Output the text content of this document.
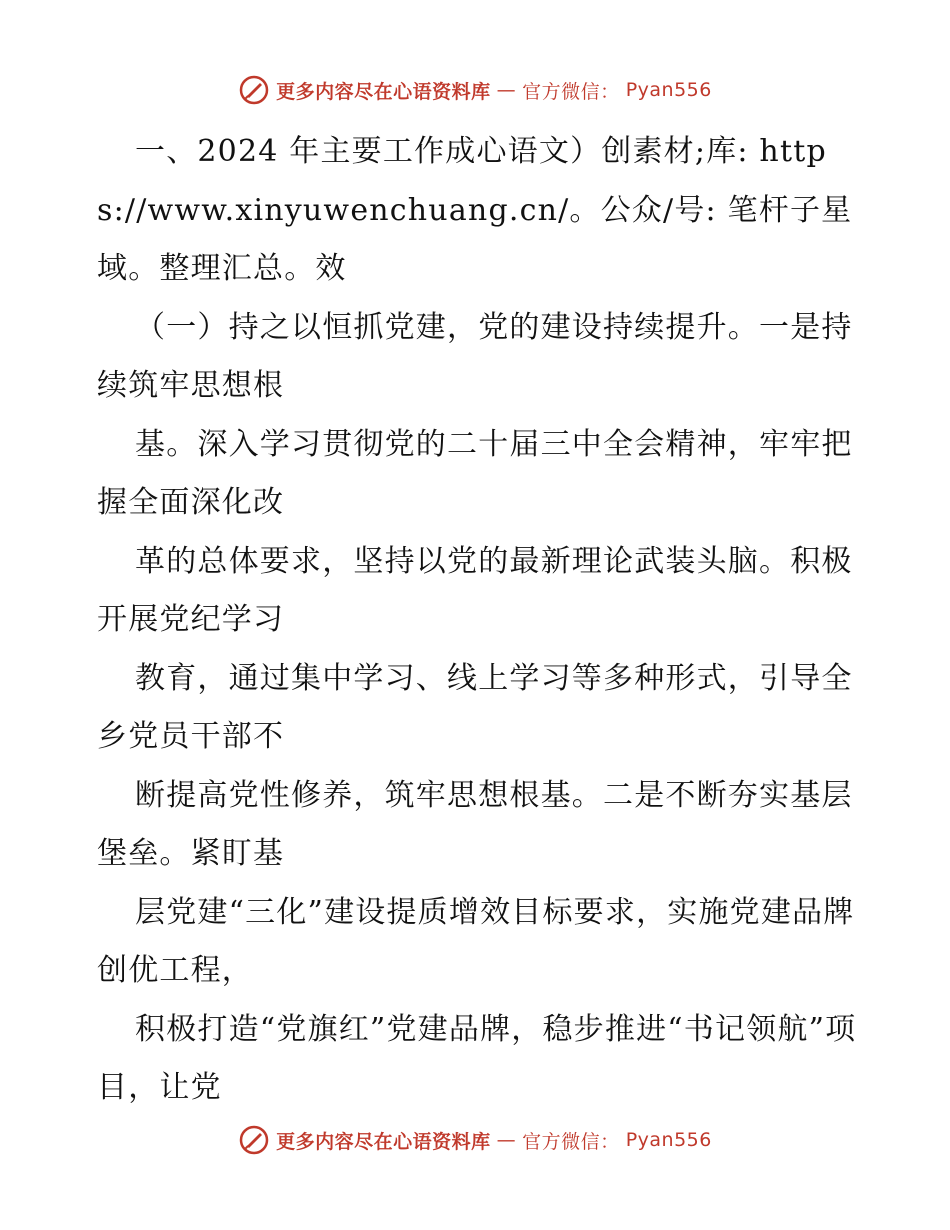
更多内容尽在心语资料库 — 官方微信： Pyan556

一、2024 年主要工作成心语文）创素材;库: https://www.xinyuwenchuang.cn/。公众/号: 笔杆子星域。整理汇总。效

（一）持之以恒抓党建，党的建设持续提升。一是持续筑牢思想根

基。深入学习贯彻党的二十届三中全会精神，牢牢把握全面深化改

革的总体要求，坚持以党的最新理论武装头脑。积极开展党纪学习

教育，通过集中学习、线上学习等多种形式，引导全乡党员干部不

断提高党性修养，筑牢思想根基。二是不断夯实基层堡垒。紧盯基

层党建“三化”建设提质增效目标要求，实施党建品牌创优工程，

积极打造“党旗红”党建品牌，稳步推进“书记领航”项目，让党

更多内容尽在心语资料库 — 官方微信： Pyan556
